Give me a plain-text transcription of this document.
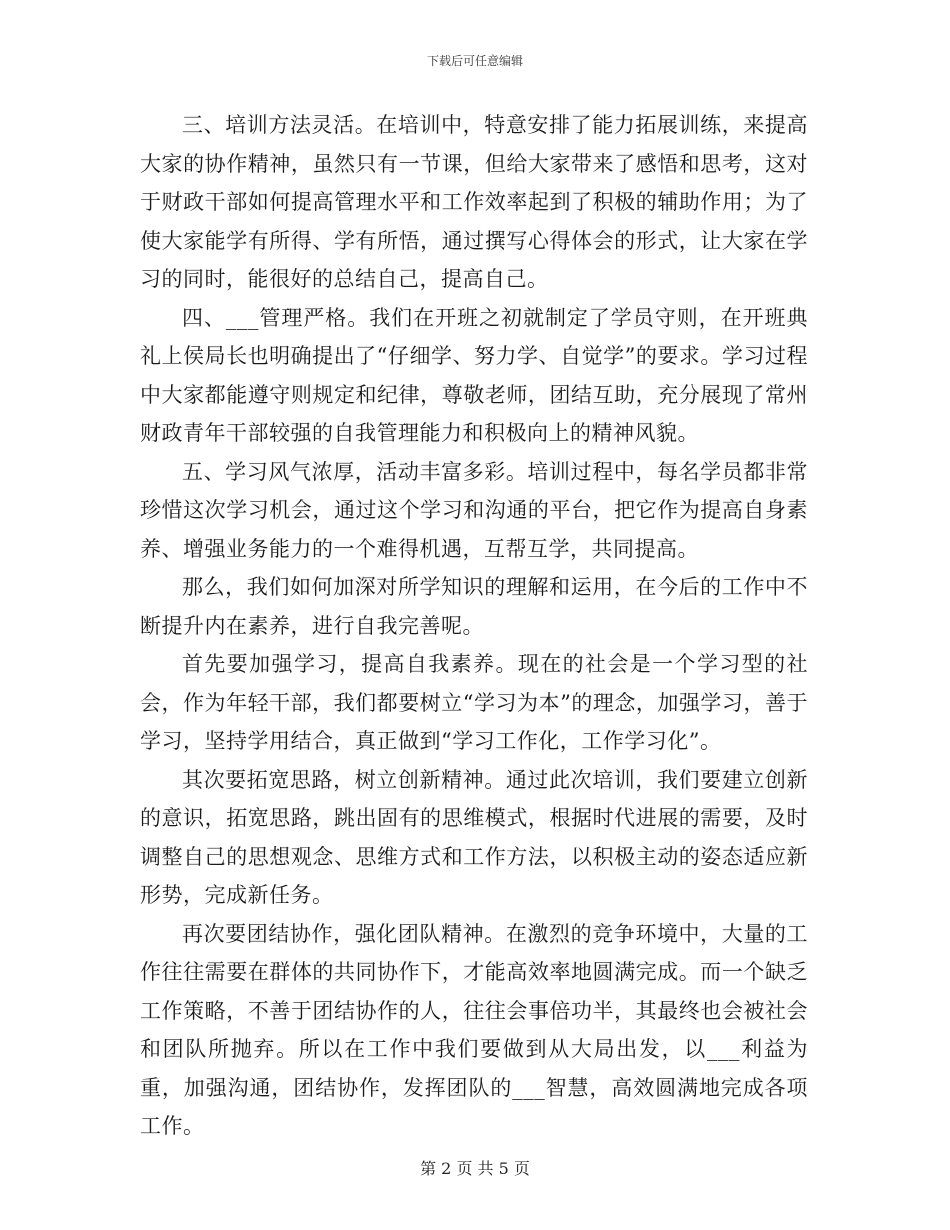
下载后可任意编辑

三、培训方法灵活。在培训中，特意安排了能力拓展训练，来提高大家的协作精神，虽然只有一节课，但给大家带来了感悟和思考，这对于财政干部如何提高管理水平和工作效率起到了积极的辅助作用；为了使大家能学有所得、学有所悟，通过撰写心得体会的形式，让大家在学习的同时，能很好的总结自己，提高自己。

四、___管理严格。我们在开班之初就制定了学员守则，在开班典礼上侯局长也明确提出了“仔细学、努力学、自觉学”的要求。学习过程中大家都能遵守则规定和纪律，尊敬老师，团结互助，充分展现了常州财政青年干部较强的自我管理能力和积极向上的精神风貌。

五、学习风气浓厚，活动丰富多彩。培训过程中，每名学员都非常珍惜这次学习机会，通过这个学习和沟通的平台，把它作为提高自身素养、增强业务能力的一个难得机遇，互帮互学，共同提高。

那么，我们如何加深对所学知识的理解和运用，在今后的工作中不断提升内在素养，进行自我完善呢。

首先要加强学习，提高自我素养。现在的社会是一个学习型的社会，作为年轻干部，我们都要树立“学习为本”的理念，加强学习，善于学习，坚持学用结合，真正做到“学习工作化，工作学习化”。

其次要拓宽思路，树立创新精神。通过此次培训，我们要建立创新的意识，拓宽思路，跳出固有的思维模式，根据时代进展的需要，及时调整自己的思想观念、思维方式和工作方法，以积极主动的姿态适应新形势，完成新任务。

再次要团结协作，强化团队精神。在激烈的竞争环境中，大量的工作往往需要在群体的共同协作下，才能高效率地圆满完成。而一个缺乏工作策略，不善于团结协作的人，往往会事倍功半，其最终也会被社会和团队所抛弃。所以在工作中我们要做到从大局出发，以___利益为重，加强沟通，团结协作，发挥团队的___智慧，高效圆满地完成各项工作。

第 2 页 共 5 页
